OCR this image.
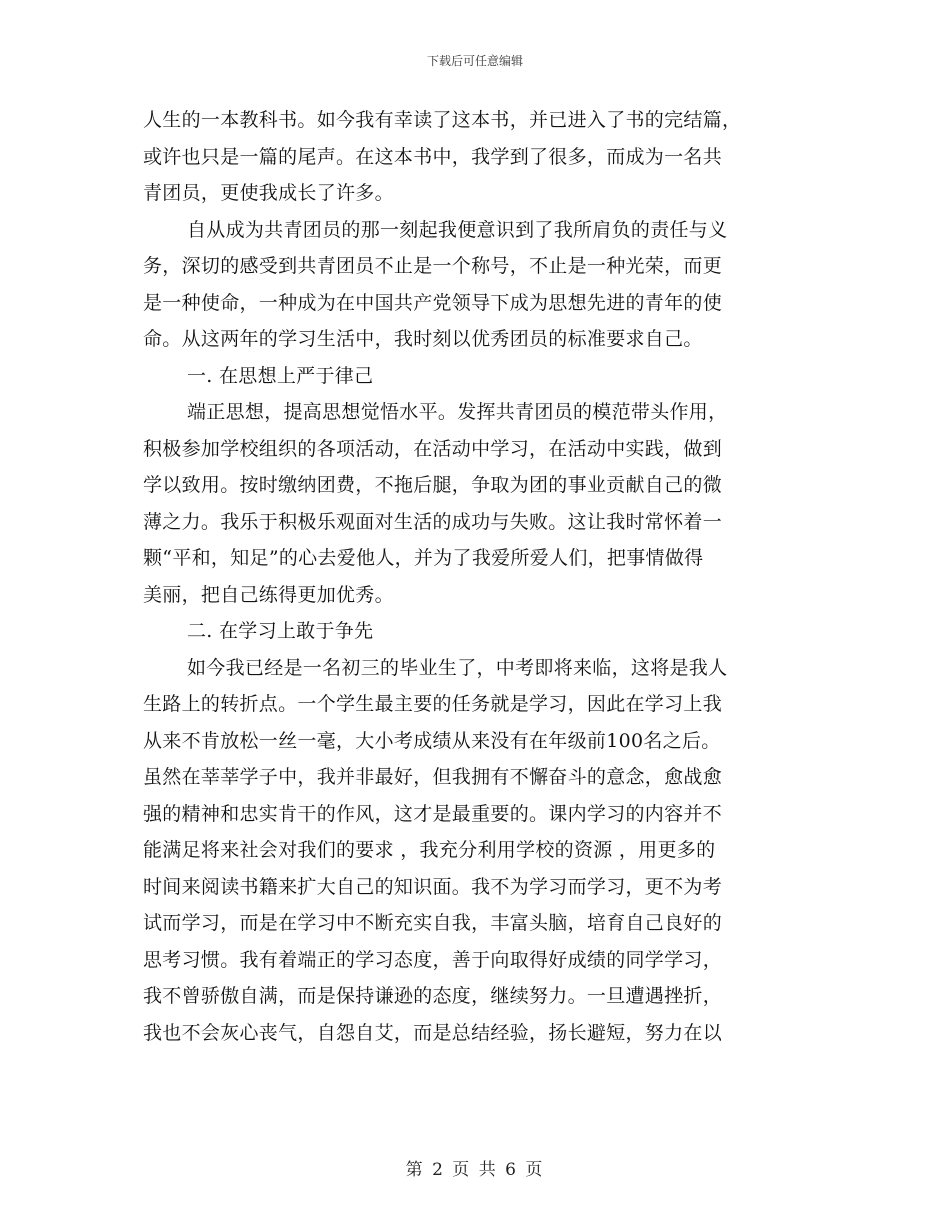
下载后可任意编辑
人生的一本教科书。如今我有幸读了这本书，并已进入了书的完结篇，
或许也只是一篇的尾声。在这本书中，我学到了很多，而成为一名共
青团员，更使我成长了许多。
自从成为共青团员的那一刻起我便意识到了我所肩负的责任与义
务，深切的感受到共青团员不止是一个称号，不止是一种光荣，而更
是一种使命，一种成为在中国共产党领导下成为思想先进的青年的使
命。从这两年的学习生活中，我时刻以优秀团员的标准要求自己。
一. 在思想上严于律己
端正思想，提高思想觉悟水平。发挥共青团员的模范带头作用，
积极参加学校组织的各项活动，在活动中学习，在活动中实践，做到
学以致用。按时缴纳团费，不拖后腿，争取为团的事业贡献自己的微
薄之力。我乐于积极乐观面对生活的成功与失败。这让我时常怀着一
颗“平和，知足”的心去爱他人，并为了我爱所爱人们，把事情做得
美丽，把自己练得更加优秀。
二. 在学习上敢于争先
如今我已经是一名初三的毕业生了，中考即将来临，这将是我人
生路上的转折点。一个学生最主要的任务就是学习，因此在学习上我
从来不肯放松一丝一毫，大小考成绩从来没有在年级前100名之后。
虽然在莘莘学子中，我并非最好，但我拥有不懈奋斗的意念，愈战愈
强的精神和忠实肯干的作风，这才是最重要的。课内学习的内容并不
能满足将来社会对我们的要求 ，我充分利用学校的资源 ，用更多的
时间来阅读书籍来扩大自己的知识面。我不为学习而学习，更不为考
试而学习，而是在学习中不断充实自我，丰富头脑，培育自己良好的
思考习惯。我有着端正的学习态度，善于向取得好成绩的同学学习，
我不曾骄傲自满，而是保持谦逊的态度，继续努力。一旦遭遇挫折，
我也不会灰心丧气，自怨自艾，而是总结经验，扬长避短，努力在以
第 2 页 共 6 页
